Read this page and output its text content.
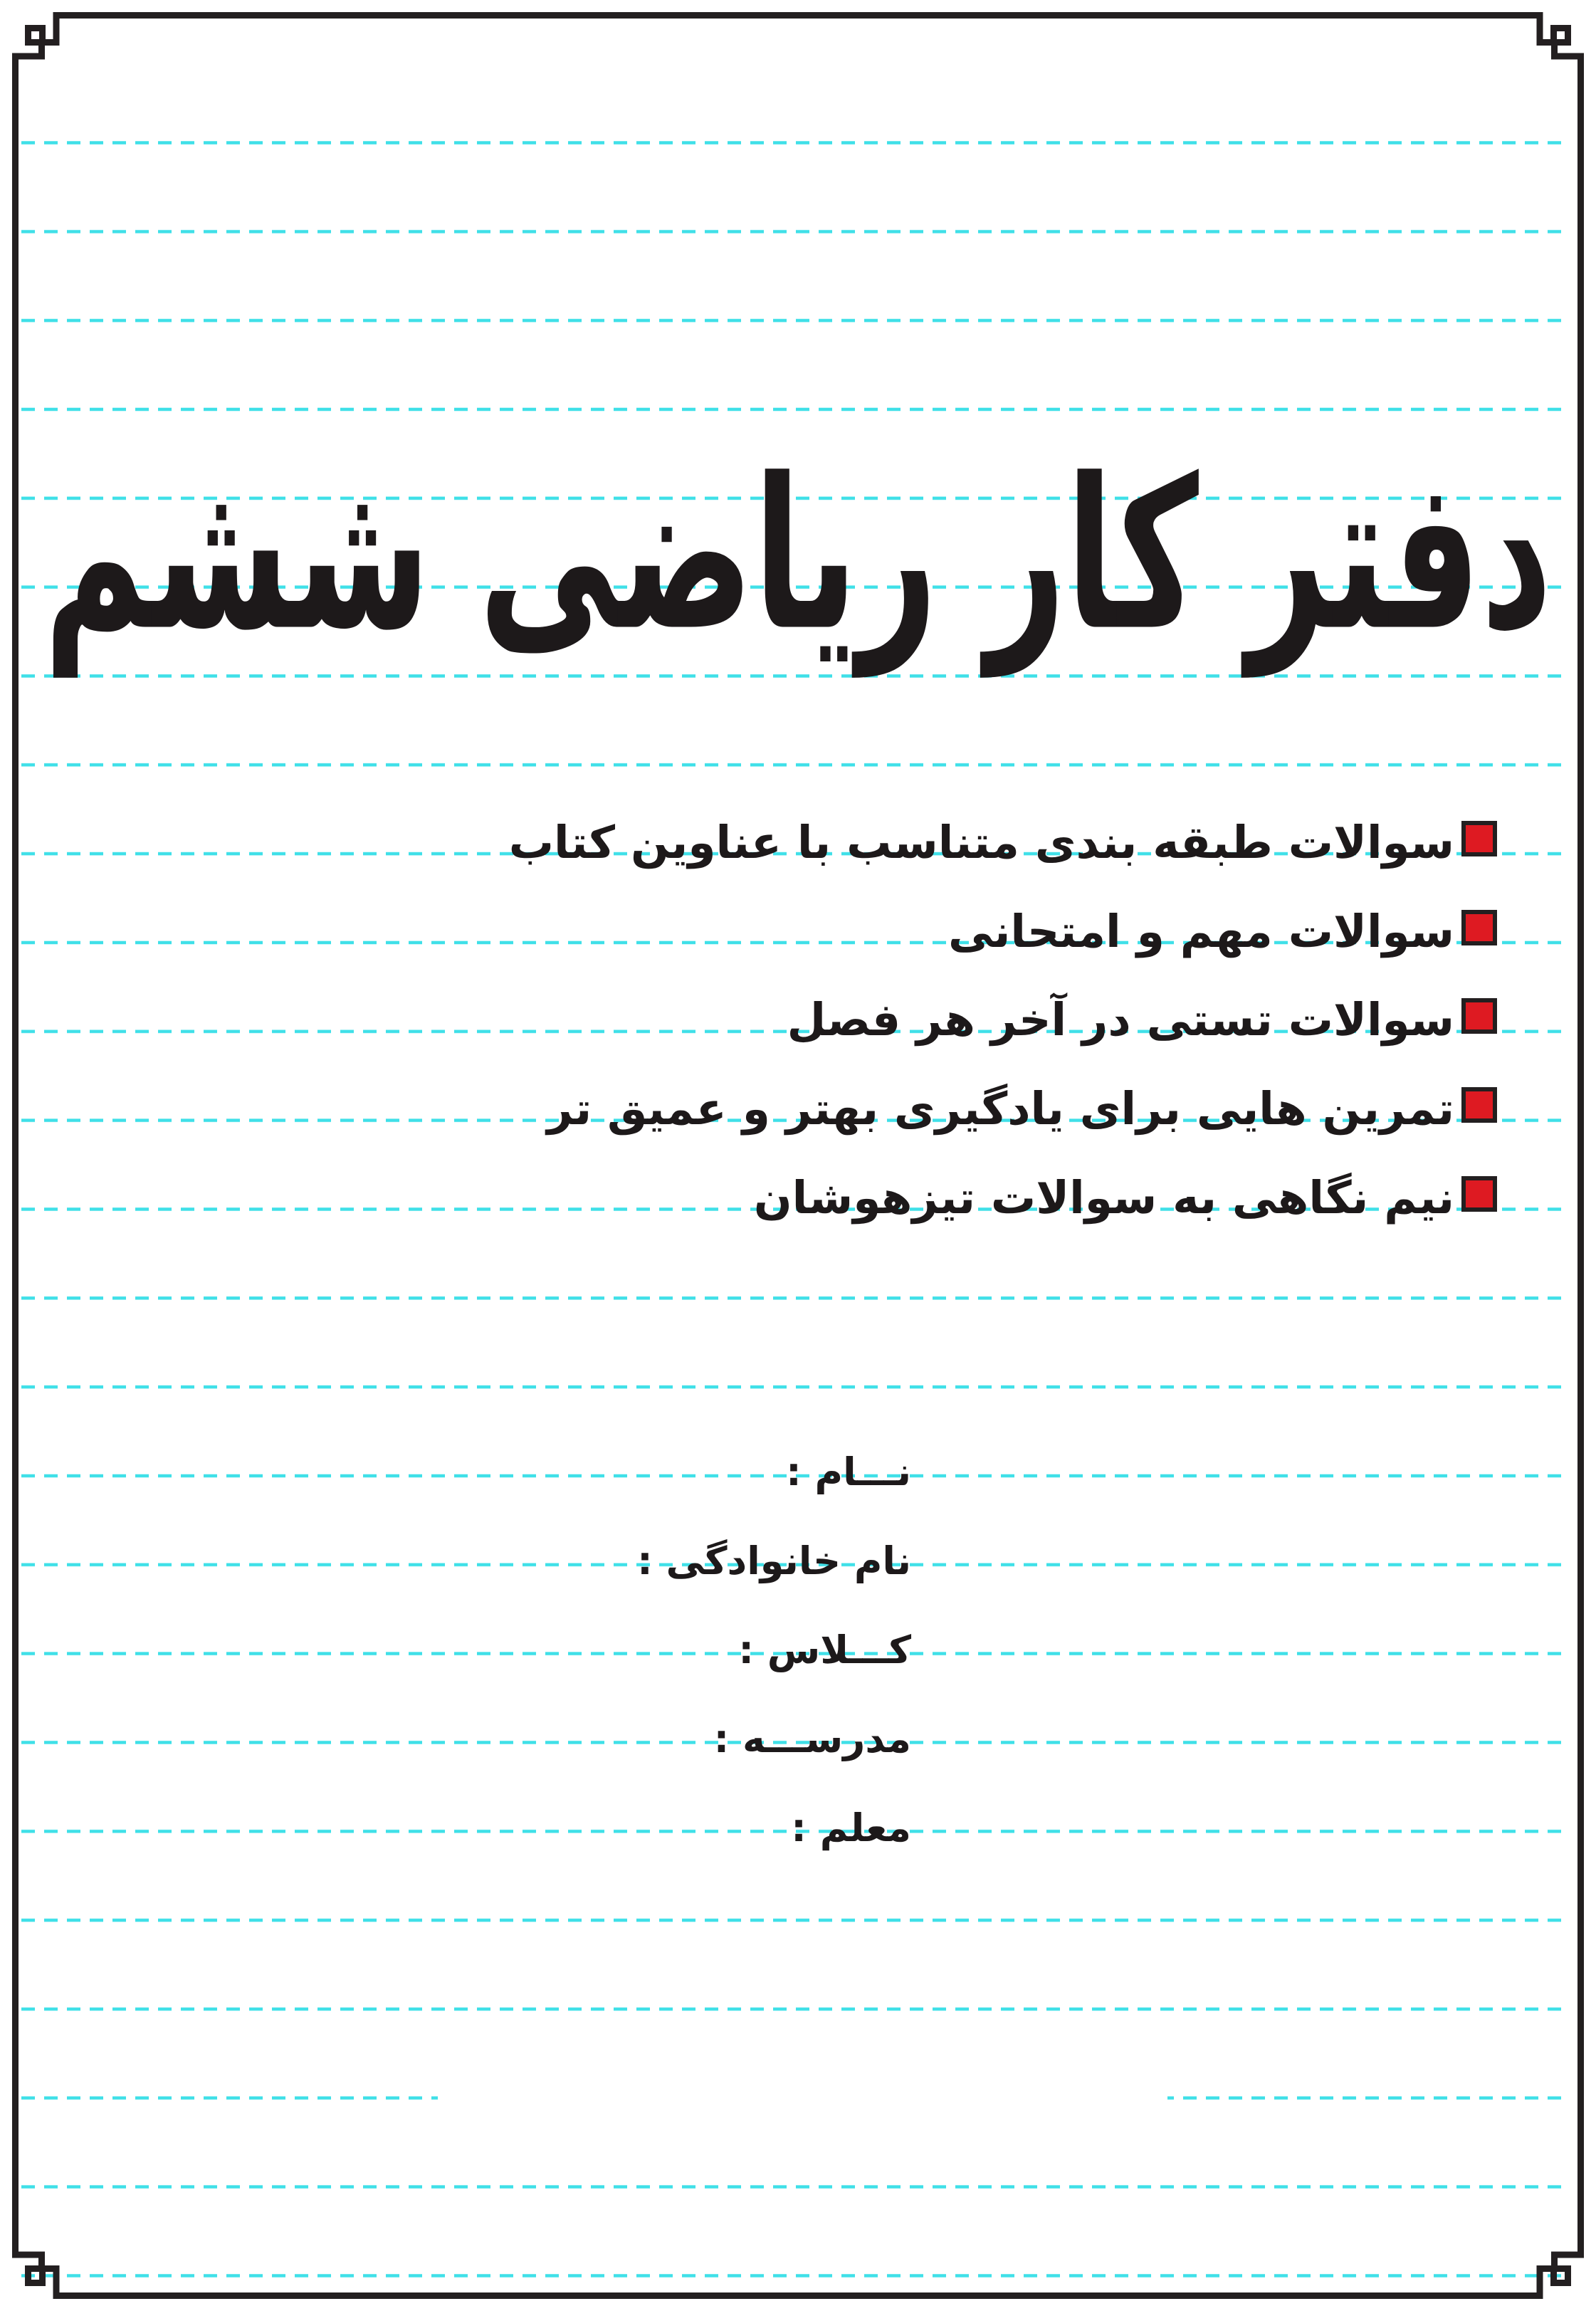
دفتر کار ریاضی ششم
سوالات طبقه بندی متناسب با عناوین کتاب
سوالات مهم و امتحانی
سوالات تستی در آخر هر فصل
تمرین هایی برای یادگیری بهتر و عمیق تر
نیم نگاهی به سوالات تیزهوشان
نـــام :
نام خانوادگی :
کـــلاس :
مدرســـه :
معلم :
